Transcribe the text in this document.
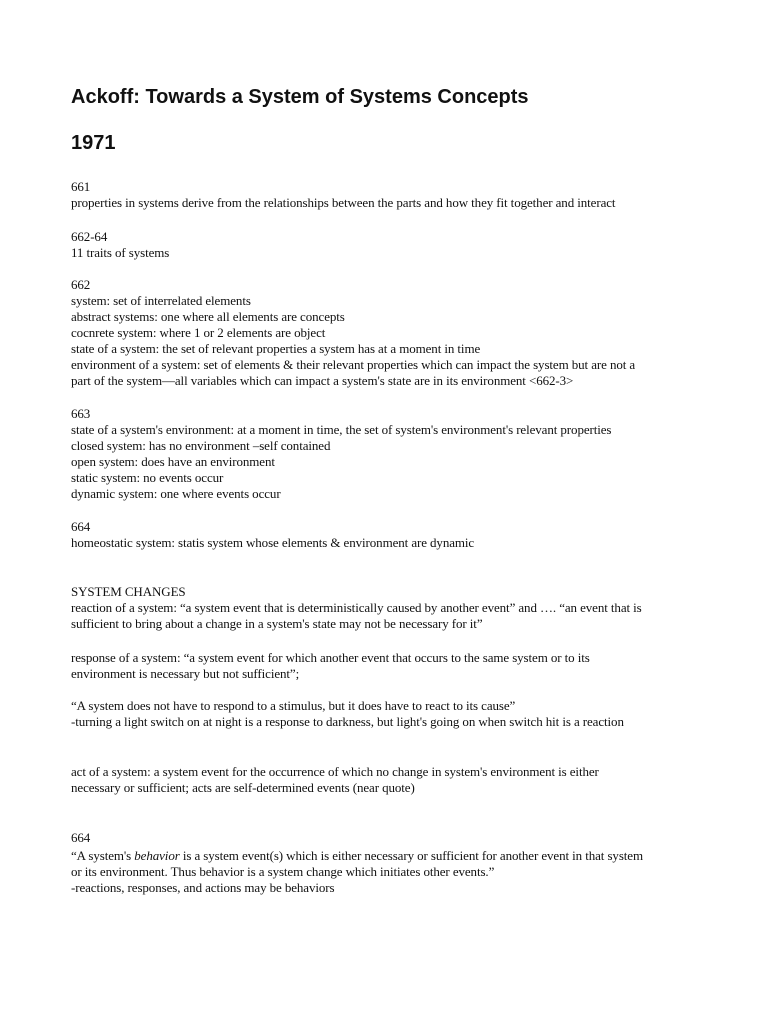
Ackoff: Towards a System of Systems Concepts
1971
661
properties in systems derive from the relationships between the parts and how they fit together and interact
662-64
11 traits of systems
662
system: set of interrelated elements
abstract systems: one where all elements are concepts
cocnrete system: where 1 or 2 elements are object
state of a system: the set of relevant properties a system has at a moment in time
environment of a system: set of elements & their relevant properties which can impact the system but are not a
part of the system—all variables which can impact a system's state are in its environment <662-3>
663
state of a system's environment: at a moment in time, the set of system's environment's relevant properties
closed system: has no environment –self contained
open system: does have an environment
static system: no events occur
dynamic system: one where events occur
664
homeostatic system: statis system whose elements & environment are dynamic
SYSTEM CHANGES
reaction of a system: “a system event that is deterministically caused by another event” and …. “an event that is
sufficient to bring about a change in a system's state may not be necessary for it”
response of a system: “a system event for which another event that occurs to the same system or to its
environment is necessary but not sufficient”;
“A system does not have to respond to a stimulus, but it does have to react to its cause”
-turning a light switch on at night is a response to darkness, but light's going on when switch hit is a reaction
act of a system: a system event for the occurrence of which no change in system's environment is either
necessary or sufficient; acts are self-determined events (near quote)
664
“A system's behavior is a system event(s) which is either necessary or sufficient for another event in that system
or its environment. Thus behavior is a system change which initiates other events.”
-reactions, responses, and actions may be behaviors
